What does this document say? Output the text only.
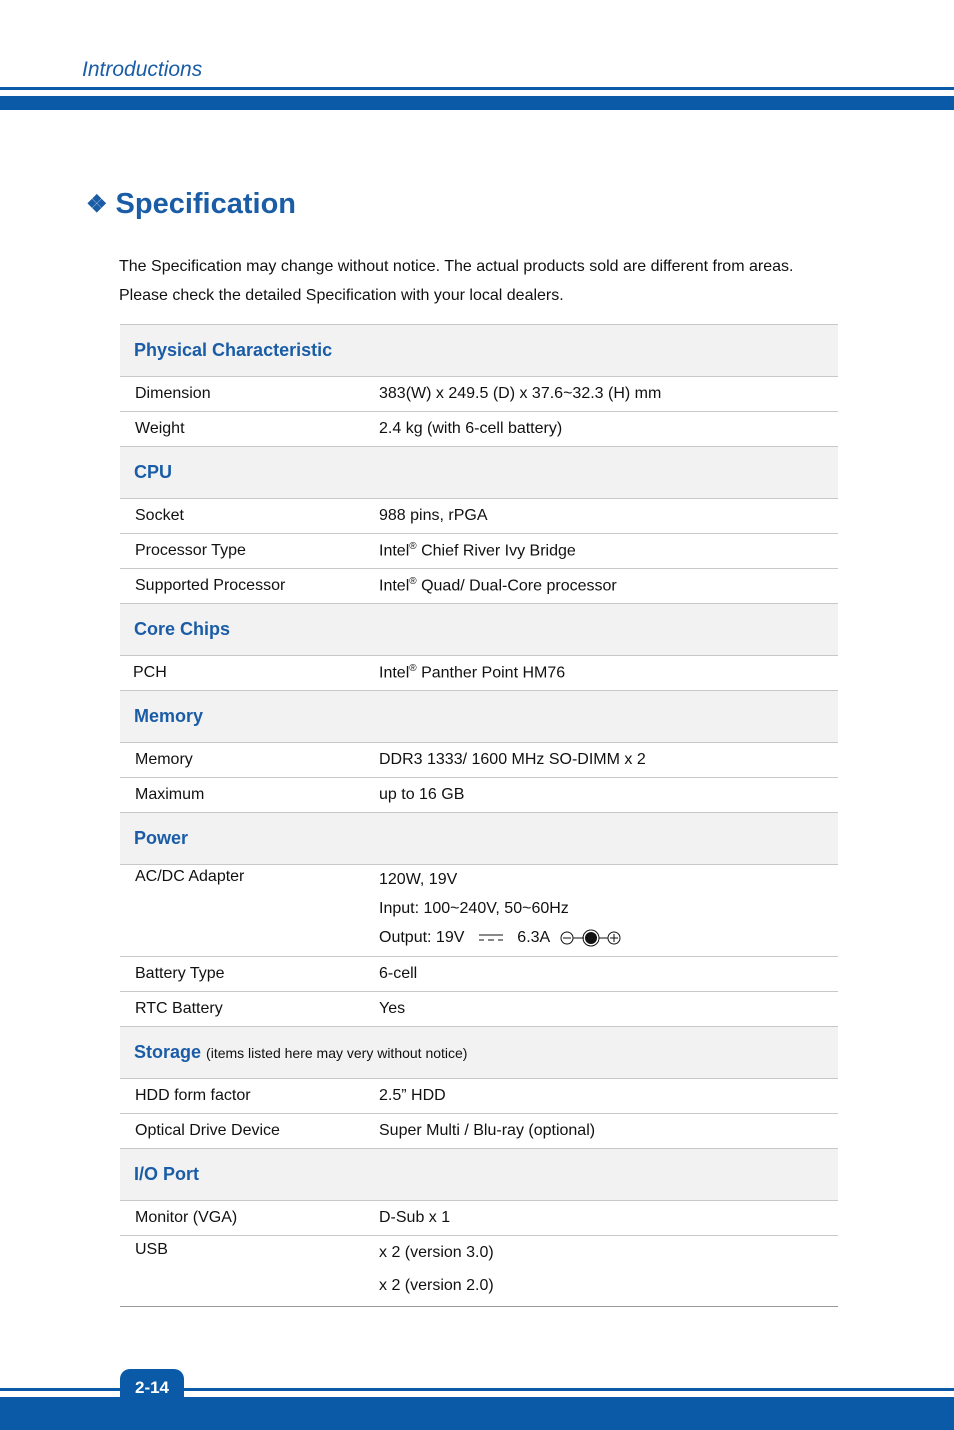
Introductions
❖ Specification
The Specification may change without notice. The actual products sold are different from areas.
Please check the detailed Specification with your local dealers.
Physical Characteristic	
Dimension	383(W) x 249.5 (D) x 37.6~32.3 (H) mm
Weight	2.4 kg (with 6-cell battery)
CPU	
Socket	988 pins, rPGA
Processor Type	Intel® Chief River Ivy Bridge
Supported Processor	Intel® Quad/ Dual-Core processor
Core Chips	
PCH	Intel® Panther Point HM76
Memory	
Memory	DDR3 1333/ 1600 MHz SO-DIMM x 2
Maximum	up to 16 GB
Power	
AC/DC Adapter	120W, 19V
Input: 100~240V, 50~60Hz
Output: 19V 6.3A

Battery Type	6-cell
RTC Battery	Yes
Storage (items listed here may very without notice)	
HDD form factor	2.5” HDD
Optical Drive Device	Super Multi / Blu-ray (optional)
I/O Port	
Monitor (VGA)	D-Sub x 1
USB	x 2 (version 3.0)
x 2 (version 2.0)
2-14
